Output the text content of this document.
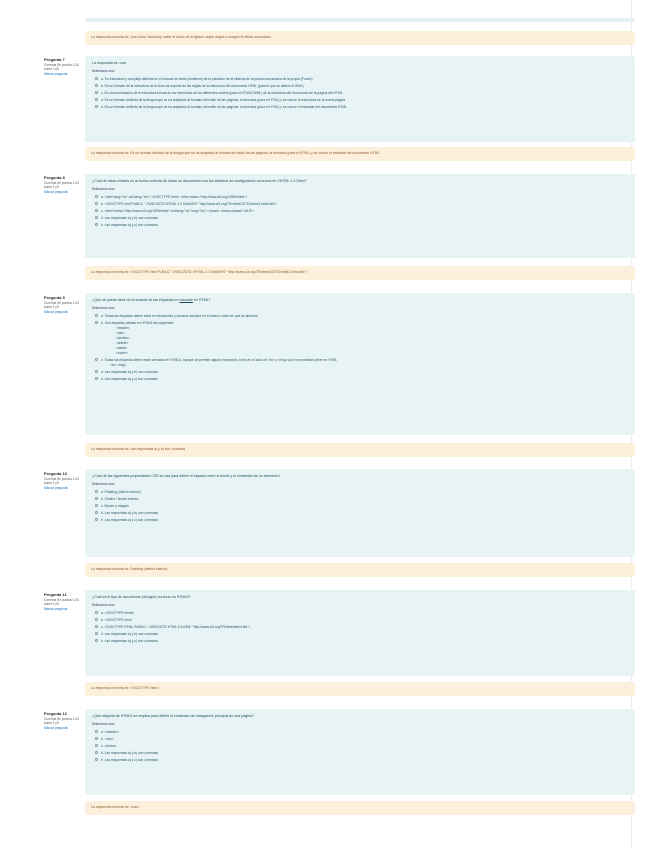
La respuesta correcta es: Que cubra 'doctoring' saber el modo de la ligaron según dagas a margen el efecto secundario
Pregunta 7
Correcta Se puntúa 1,00 sobre 1,00
Marcar pregunta
La respuesta es: una
Seleccione una:
a. Su estructura y compleja definida en el manual de estilo (sentence) de la precisión de el sistema de la prueba secundaria de la propia (Forum)
b. Es un formato de la estructura de la línea de soporte de las reglas de la estructura del documento HTML (para el que se definió el WML)
c. Es una información de la estructura formal de los elementos de los diferentes niveles (para el HTML5-WML) de la estructura del documento de la página del HTML
d. Es un formato definido de la lengua que se ha adaptado al formato del estilo de las páginas, la formatos (para el HTML) y se usa en la estructura de la nueva página
e. Es un formato definido de la lengua que se ha adaptado al formato del estilo de las páginas, la formatos (para el HTML) y se usa en el estándar del documento HTML
La respuesta correcta es: Es un formato definido de la lengua que se ha adaptado al formato del estilo de las páginas, la formatos (para el HTML) y se usa en el estándar del documento HTML
Pregunta 8
Correcta Se puntúa 1,00 sobre 1,00
Marcar pregunta
¿Cuál de estas sintaxis es la forma correcta de iniciar un documento con los atributos de configuración correctos en XHTML 1.0 Strict?
Seleccione una:
a. <html lang="es" xml:lang="es"> <!DOCTYPE html> <html xmlns="http://www.w3.org/1999/xhtml">
b. <!DOCTYPE html PUBLIC "-//W3C//DTD XHTML 1.0 Strict//EN" "http://www.w3.org/TR/xhtml1/DTD/xhtml1-strict.dtd">
c. <html xmlns="http://www.w3.org/1999/xhtml" xml:lang="es" lang="es"> <head> <meta charset="utf-8">
d. Las respuestas a) y b) son correctas
e. Las respuestas a) y c) son correctas
La respuesta correcta es: <!DOCTYPE html PUBLIC "-//W3C//DTD XHTML 1.0 Strict//EN" "http://www.w3.org/TR/xhtml1/DTD/xhtml1-strict.dtd">
Pregunta 9
Correcta Se puntúa 1,00 sobre 1,00
Marcar pregunta
¿Qué se puede decir de la sintaxis de las etiquetas en cascade en HTML?
Seleccione una:
a. Todas las etiquetas deben estar en minúsculas y cerrarse siempre en el mismo orden en que se abrieron
b. Son etiquetas válidas en HTML5 las siguientes:
<header>
<nav>
<section>
<article>
<aside>
<footer>
c. Todas las etiquetas deben estar cerradas en HTML5, aunque se permite alguna excepción, como en el caso de <br> y <img> que no necesitan cierre en HTML
<br> <img>
d. Las respuestas a) y b) son correctas
e. Las respuestas a) y c) son correctas
La respuesta correcta es: Las respuestas a) y b) son correctas
Pregunta 10
Correcta Se puntúa 1,00 sobre 1,00
Marcar pregunta
¿Cuál de las siguientes propiedades CSS se usa para definir el espacio entre el borde y el contenido de un elemento?
Seleccione una:
a. Padding (relleno interior)
b. Outline / Borde exterior
c. Border y margen
d. Las respuestas a) y b) son correctas
e. Las respuestas a) y c) son correctas
La respuesta correcta es: Padding (relleno interior)
Pregunta 11
Correcta Se puntúa 1,00 sobre 1,00
Marcar pregunta
¿Cuál es el tipo de documento (doctype) correcto en HTML5?
Seleccione una:
a. <!DOCTYPE html5>
b. <!DOCTYPE html>
c. <!DOCTYPE HTML PUBLIC "-//W3C//DTD HTML 4.01//EN" "http://www.w3.org/TR/html4/strict.dtd">
d. Las respuestas a) y b) son correctas
e. Las respuestas a) y c) son correctas
La respuesta correcta es: <!DOCTYPE html>
Pregunta 12
Correcta Se puntúa 1,00 sobre 1,00
Marcar pregunta
¿Qué etiqueta de HTML5 se emplea para definir el contenido de navegación principal de una página?
Seleccione una:
a. <header>
b. <nav>
c. <menu>
d. Las respuestas a) y b) son correctas
e. Las respuestas a) y c) son correctas
La respuesta correcta es: <nav>
